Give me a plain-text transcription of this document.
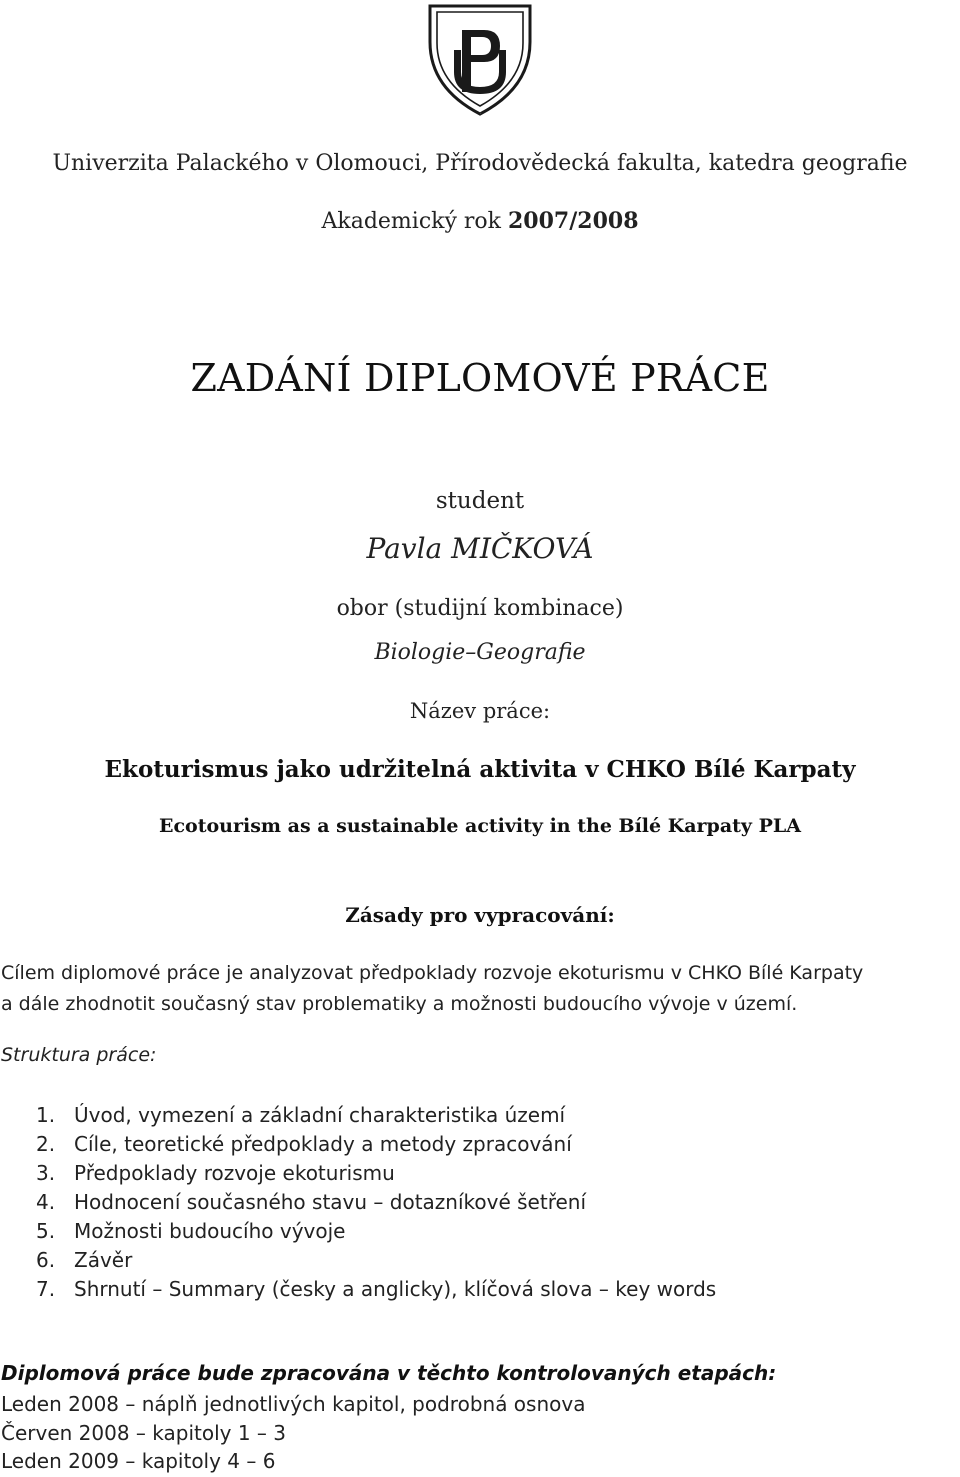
UP
Univerzita Palackého v Olomouci, Přírodovědecká fakulta, katedra geografie
Akademický rok 2007/2008
ZADÁNÍ DIPLOMOVÉ PRÁCE
student
Pavla MIČKOVÁ
obor (studijní kombinace)
Biologie–Geografie
Název práce:
Ekoturismus jako udržitelná aktivita v CHKO Bílé Karpaty
Ecotourism as a sustainable activity in the Bílé Karpaty PLA
Zásady pro vypracování:
Cílem diplomové práce je analyzovat předpoklady rozvoje ekoturismu v CHKO Bílé Karpaty
a dále zhodnotit současný stav problematiky a možnosti budoucího vývoje v území.
Struktura práce:
1. Úvod, vymezení a základní charakteristika území
2. Cíle, teoretické předpoklady a metody zpracování
3. Předpoklady rozvoje ekoturismu
4. Hodnocení současného stavu – dotazníkové šetření
5. Možnosti budoucího vývoje
6. Závěr
7. Shrnutí – Summary (česky a anglicky), klíčová slova – key words
Diplomová práce bude zpracována v těchto kontrolovaných etapách:
Leden 2008 – náplň jednotlivých kapitol, podrobná osnova
Červen 2008 – kapitoly 1 – 3
Leden 2009 – kapitoly 4 – 6
